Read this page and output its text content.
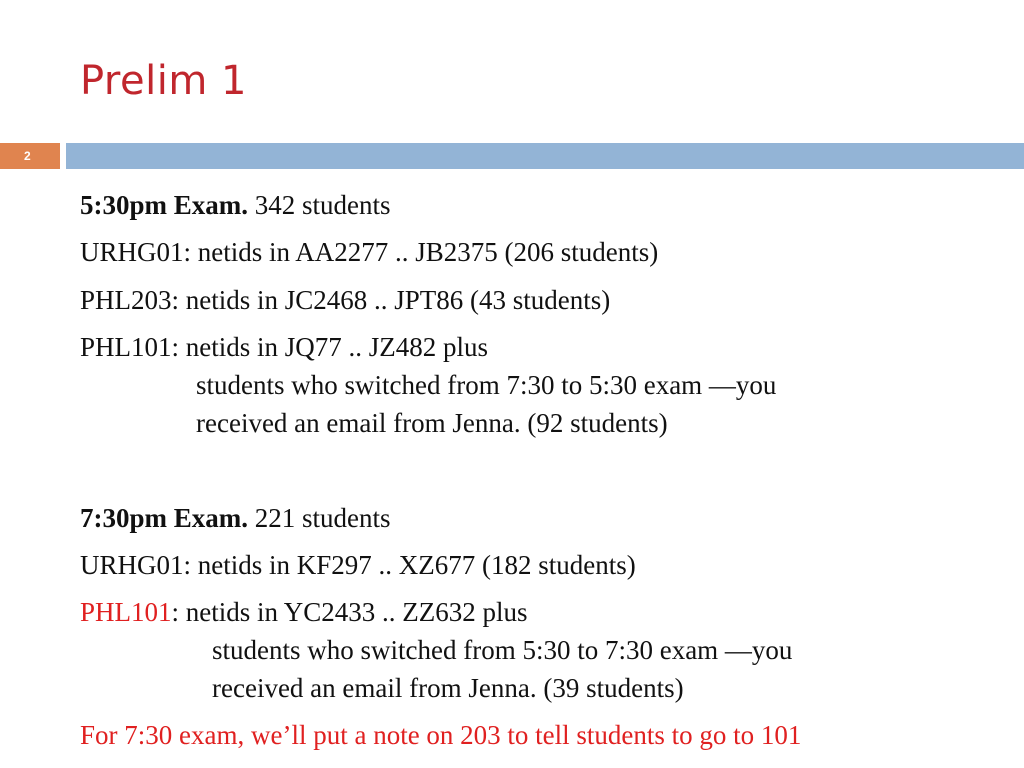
Prelim 1
2
5:30pm Exam. 342 students
URHG01: netids in AA2277 .. JB2375 (206 students)
PHL203: netids in JC2468 .. JPT86 (43 students)
PHL101: netids in JQ77 .. JZ482 plus
students who switched from 7:30 to 5:30 exam —you
received an email from Jenna. (92 students)
7:30pm Exam. 221 students
URHG01: netids in KF297 .. XZ677 (182 students)
PHL101: netids in YC2433 .. ZZ632 plus
students who switched from 5:30 to 7:30 exam —you
received an email from Jenna. (39 students)
For 7:30 exam, we’ll put a note on 203 to tell students to go to 101
